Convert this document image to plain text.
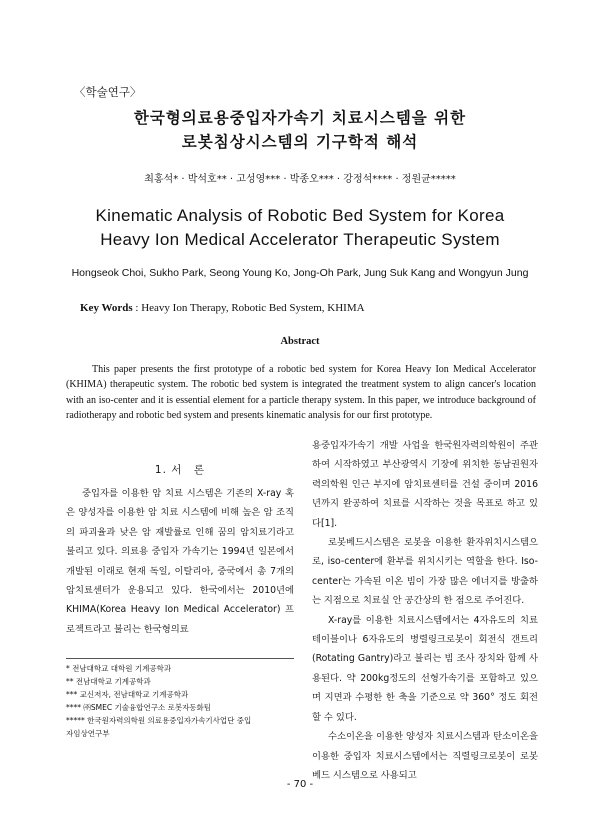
〈학술연구〉
한국형의료용중입자가속기 치료시스템을 위한
로봇침상시스템의 기구학적 해석
최홍석* · 박석호** · 고성영*** · 박종오*** · 강정석**** · 정원균*****
Kinematic Analysis of Robotic Bed System for Korea
Heavy Ion Medical Accelerator Therapeutic System
Hongseok Choi, Sukho Park, Seong Young Ko, Jong-Oh Park, Jung Suk Kang and Wongyun Jung
Key Words : Heavy Ion Therapy, Robotic Bed System, KHIMA
Abstract

This paper presents the first prototype of a robotic bed system for Korea Heavy Ion Medical Accelerator (KHIMA) therapeutic system. The robotic bed system is integrated the treatment system to align cancer's location with an iso-center and it is essential element for a particle therapy system. In this paper, we introduce background of radiotherapy and robotic bed system and presents kinematic analysis for our first prototype.

1. 서　론

중입자를 이용한 암 치료 시스템은 기존의 X-ray 혹은 양성자를 이용한 암 치료 시스템에 비해 높은 암 조직의 파괴율과 낮은 암 재발률로 인해 꿈의 암치료기라고 불리고 있다. 의료용 중입자 가속기는 1994년 일본에서 개발된 이래로 현재 독일, 이탈리아, 중국에서 총 7개의 암치료센터가 운용되고 있다. 한국에서는 2010년에 KHIMA(Korea Heavy Ion Medical Accelerator) 프로젝트라고 불리는 한국형의료

용중입자가속기 개발 사업을 한국원자력의학원이 주관하여 시작하였고 부산광역시 기장에 위치한 동남권원자력의학원 인근 부지에 암치료센터를 건설 중이며 2016년까지 완공하여 치료를 시작하는 것을 목표로 하고 있다[1].

로봇베드시스템은 로봇을 이용한 환자위치시스템으로, iso-center에 환부를 위치시키는 역할을 한다. Iso-center는 가속된 이온 빔이 가장 많은 에너지를 방출하는 지점으로 치료실 안 공간상의 한 점으로 주어진다.

X-ray를 이용한 치료시스템에서는 4자유도의 치료테이블이나 6자유도의 병렬링크로봇이 회전식 갠트리(Rotating Gantry)라고 불리는 빔 조사 장치와 함께 사용된다. 약 200kg정도의 선형가속기를 포함하고 있으며 지면과 수평한 한 축을 기준으로 약 360° 정도 회전할 수 있다.

수소이온을 이용한 양성자 치료시스템과 탄소이온을 이용한 중입자 치료시스템에서는 직렬링크로봇이 로봇 베드 시스템으로 사용되고

* 전남대학교 대학원 기계공학과
** 전남대학교 기계공학과
*** 교신저자, 전남대학교 기계공학과
**** ㈜SMEC 기술융합연구소 로봇자동화팀
***** 한국원자력의학원 의료용중입자가속기사업단 중입
자임상연구부
- 70 -
